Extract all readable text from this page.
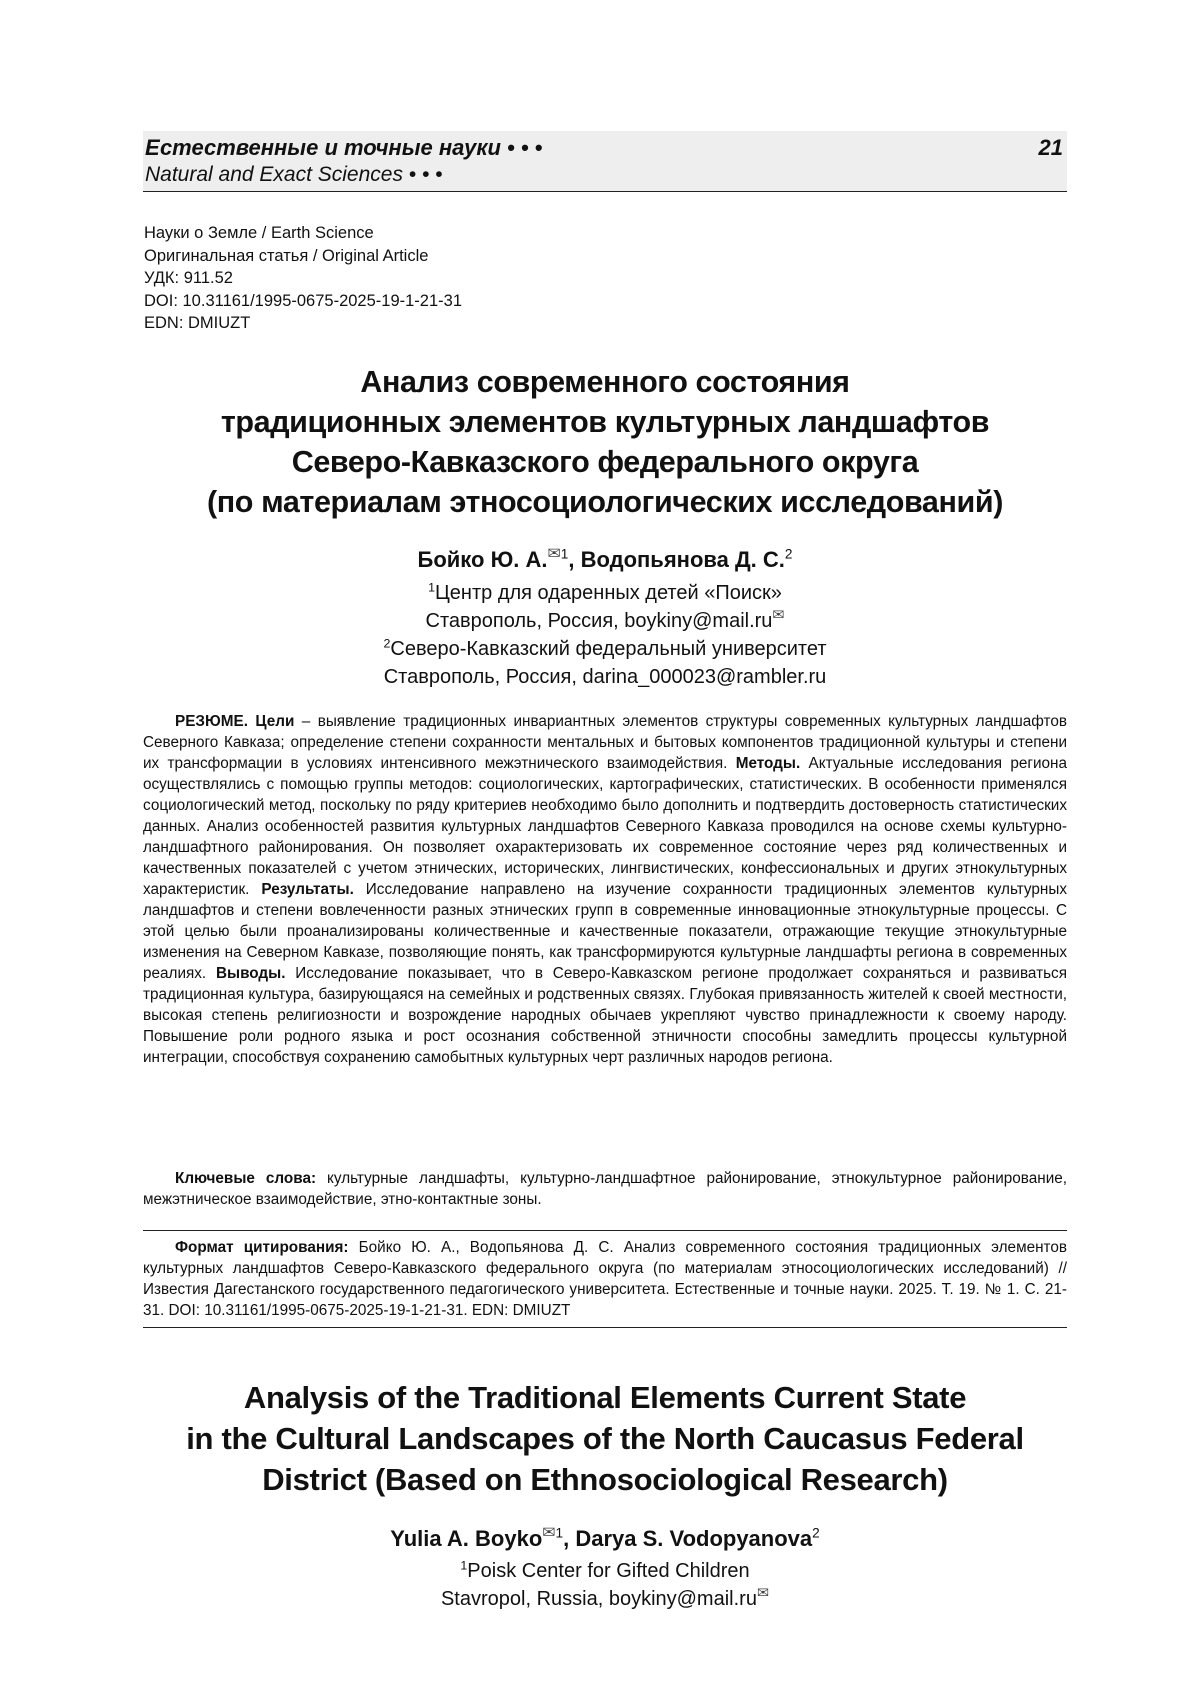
Естественные и точные науки • • •
Natural and Exact Sciences • • •
21
Науки о Земле / Earth Science
Оригинальная статья / Original Article
УДК: 911.52
DOI: 10.31161/1995-0675-2025-19-1-21-31
EDN: DMIUZT
Анализ современного состояния
традиционных элементов культурных ландшафтов
Северо-Кавказского федерального округа
(по материалам этносоциологических исследований)
Бойко Ю. А.✉1, Водопьянова Д. С.2
1Центр для одаренных детей «Поиск»
Ставрополь, Россия, boykiny@mail.ru✉
2Северо-Кавказский федеральный университет
Ставрополь, Россия, darina_000023@rambler.ru

РЕЗЮМЕ. Цели – выявление традиционных инвариантных элементов структуры современных культурных ландшафтов Северного Кавказа; определение степени сохранности ментальных и бытовых компонентов традиционной культуры и степени их трансформации в условиях интенсивного межэтнического взаимодействия. Методы. Актуальные исследования региона осуществлялись с помощью группы методов: социологических, картографических, статистических. В особенности применялся социологический метод, поскольку по ряду критериев необходимо было дополнить и подтвердить достоверность статистических данных. Анализ особенностей развития культурных ландшафтов Северного Кавказа проводился на основе схемы культурно-ландшафтного районирования. Он позволяет охарактеризовать их современное состояние через ряд количественных и качественных показателей с учетом этнических, исторических, лингвистических, конфессиональных и других этнокультурных характеристик. Результаты. Исследование направлено на изучение сохранности традиционных элементов культурных ландшафтов и степени вовлеченности разных этнических групп в современные инновационные этнокультурные процессы. С этой целью были проанализированы количественные и качественные показатели, отражающие текущие этнокультурные изменения на Северном Кавказе, позволяющие понять, как трансформируются культурные ландшафты региона в современных реалиях. Выводы. Исследование показывает, что в Северо-Кавказском регионе продолжает сохраняться и развиваться традиционная культура, базирующаяся на семейных и родственных связях. Глубокая привязанность жителей к своей местности, высокая степень религиозности и возрождение народных обычаев укрепляют чувство принадлежности к своему народу. Повышение роли родного языка и рост осознания собственной этничности способны замедлить процессы культурной интеграции, способствуя сохранению самобытных культурных черт различных народов региона.

Ключевые слова: культурные ландшафты, культурно-ландшафтное районирование, этнокультурное районирование, межэтническое взаимодействие, этно-контактные зоны.

Формат цитирования: Бойко Ю. А., Водопьянова Д. С. Анализ современного состояния традиционных элементов культурных ландшафтов Северо-Кавказского федерального округа (по материалам этносоциологических исследований) // Известия Дагестанского государственного педагогического университета. Естественные и точные науки. 2025. Т. 19. № 1. С. 21-31. DOI: 10.31161/1995-0675-2025-19-1-21-31. EDN: DMIUZT

Analysis of the Traditional Elements Current State
in the Cultural Landscapes of the North Caucasus Federal
District (Based on Ethnosociological Research)
Yulia A. Boyko✉1, Darya S. Vodopyanova2
1Poisk Center for Gifted Children
Stavropol, Russia, boykiny@mail.ru✉
